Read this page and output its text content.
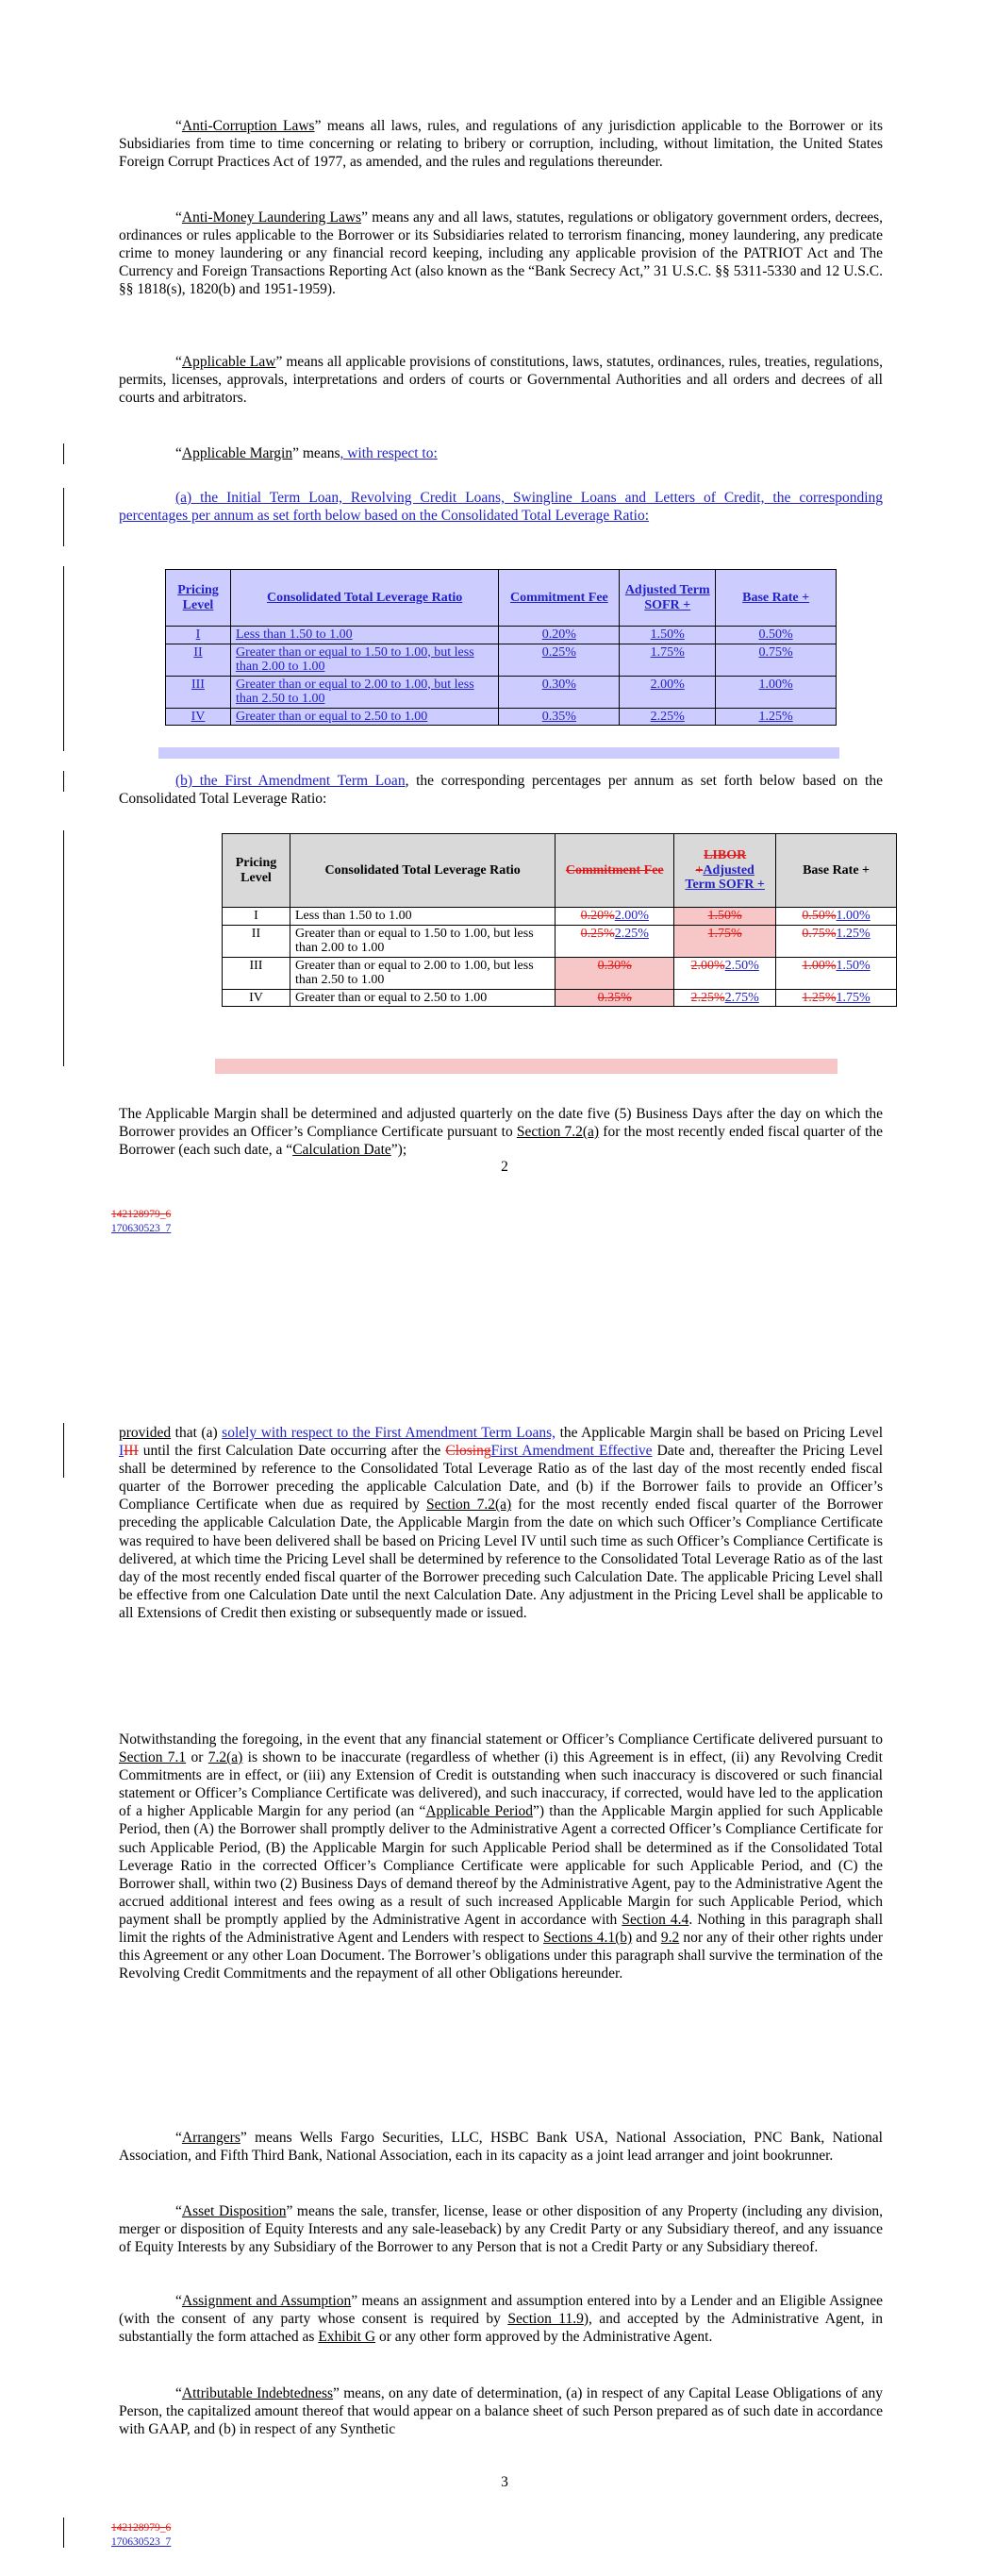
“Anti-Corruption Laws” means all laws, rules, and regulations of any jurisdiction applicable to the Borrower or its Subsidiaries from time to time concerning or relating to bribery or corruption, including, without limitation, the United States Foreign Corrupt Practices Act of 1977, as amended, and the rules and regulations thereunder.

“Anti-Money Laundering Laws” means any and all laws, statutes, regulations or obligatory government orders, decrees, ordinances or rules applicable to the Borrower or its Subsidiaries related to terrorism financing, money laundering, any predicate crime to money laundering or any financial record keeping, including any applicable provision of the PATRIOT Act and The Currency and Foreign Transactions Reporting Act (also known as the “Bank Secrecy Act,” 31 U.S.C. §§ 5311-5330 and 12 U.S.C. §§ 1818(s), 1820(b) and 1951-1959).

“Applicable Law” means all applicable provisions of constitutions, laws, statutes, ordinances, rules, treaties, regulations, permits, licenses, approvals, interpretations and orders of courts or Governmental Authorities and all orders and decrees of all courts and arbitrators.

“Applicable Margin” means, with respect to:

(a) the Initial Term Loan, Revolving Credit Loans, Swingline Loans and Letters of Credit, the corresponding percentages per annum as set forth below based on the Consolidated Total Leverage Ratio:

Pricing Level	Consolidated Total Leverage Ratio	Commitment Fee	Adjusted Term SOFR +	Base Rate +
I	Less than 1.50 to 1.00	0.20%	1.50%	0.50%
II	Greater than or equal to 1.50 to 1.00, but less than 2.00 to 1.00	0.25%	1.75%	0.75%
III	Greater than or equal to 2.00 to 1.00, but less than 2.50 to 1.00	0.30%	2.00%	1.00%
IV	Greater than or equal to 2.50 to 1.00	0.35%	2.25%	1.25%

(b) the First Amendment Term Loan, the corresponding percentages per annum as set forth below based on the Consolidated Total Leverage Ratio:

Pricing Level	Consolidated Total Leverage Ratio	Commitment Fee	LIBOR +Adjusted Term SOFR +	Base Rate +
I	Less than 1.50 to 1.00	0.20%2.00%	1.50%	0.50%1.00%
II	Greater than or equal to 1.50 to 1.00, but less than 2.00 to 1.00	0.25%2.25%	1.75%	0.75%1.25%
III	Greater than or equal to 2.00 to 1.00, but less than 2.50 to 1.00	0.30%	2.00%2.50%	1.00%1.50%
IV	Greater than or equal to 2.50 to 1.00	0.35%	2.25%2.75%	1.25%1.75%

The Applicable Margin shall be determined and adjusted quarterly on the date five (5) Business Days after the day on which the Borrower provides an Officer’s Compliance Certificate pursuant to Section 7.2(a) for the most recently ended fiscal quarter of the Borrower (each such date, a “Calculation Date”);

2
142128979_6
170630523_7

provided that (a) solely with respect to the First Amendment Term Loans, the Applicable Margin shall be based on Pricing Level IIII until the first Calculation Date occurring after the ClosingFirst Amendment Effective Date and, thereafter the Pricing Level shall be determined by reference to the Consolidated Total Leverage Ratio as of the last day of the most recently ended fiscal quarter of the Borrower preceding the applicable Calculation Date, and (b) if the Borrower fails to provide an Officer’s Compliance Certificate when due as required by Section 7.2(a) for the most recently ended fiscal quarter of the Borrower preceding the applicable Calculation Date, the Applicable Margin from the date on which such Officer’s Compliance Certificate was required to have been delivered shall be based on Pricing Level IV until such time as such Officer’s Compliance Certificate is delivered, at which time the Pricing Level shall be determined by reference to the Consolidated Total Leverage Ratio as of the last day of the most recently ended fiscal quarter of the Borrower preceding such Calculation Date. The applicable Pricing Level shall be effective from one Calculation Date until the next Calculation Date. Any adjustment in the Pricing Level shall be applicable to all Extensions of Credit then existing or subsequently made or issued.

Notwithstanding the foregoing, in the event that any financial statement or Officer’s Compliance Certificate delivered pursuant to Section 7.1 or 7.2(a) is shown to be inaccurate (regardless of whether (i) this Agreement is in effect, (ii) any Revolving Credit Commitments are in effect, or (iii) any Extension of Credit is outstanding when such inaccuracy is discovered or such financial statement or Officer’s Compliance Certificate was delivered), and such inaccuracy, if corrected, would have led to the application of a higher Applicable Margin for any period (an “Applicable Period”) than the Applicable Margin applied for such Applicable Period, then (A) the Borrower shall promptly deliver to the Administrative Agent a corrected Officer’s Compliance Certificate for such Applicable Period, (B) the Applicable Margin for such Applicable Period shall be determined as if the Consolidated Total Leverage Ratio in the corrected Officer’s Compliance Certificate were applicable for such Applicable Period, and (C) the Borrower shall, within two (2) Business Days of demand thereof by the Administrative Agent, pay to the Administrative Agent the accrued additional interest and fees owing as a result of such increased Applicable Margin for such Applicable Period, which payment shall be promptly applied by the Administrative Agent in accordance with Section 4.4. Nothing in this paragraph shall limit the rights of the Administrative Agent and Lenders with respect to Sections 4.1(b) and 9.2 nor any of their other rights under this Agreement or any other Loan Document. The Borrower’s obligations under this paragraph shall survive the termination of the Revolving Credit Commitments and the repayment of all other Obligations hereunder.

“Arrangers” means Wells Fargo Securities, LLC, HSBC Bank USA, National Association, PNC Bank, National Association, and Fifth Third Bank, National Association, each in its capacity as a joint lead arranger and joint bookrunner.

“Asset Disposition” means the sale, transfer, license, lease or other disposition of any Property (including any division, merger or disposition of Equity Interests and any sale-leaseback) by any Credit Party or any Subsidiary thereof, and any issuance of Equity Interests by any Subsidiary of the Borrower to any Person that is not a Credit Party or any Subsidiary thereof.

“Assignment and Assumption” means an assignment and assumption entered into by a Lender and an Eligible Assignee (with the consent of any party whose consent is required by Section 11.9), and accepted by the Administrative Agent, in substantially the form attached as Exhibit G or any other form approved by the Administrative Agent.

“Attributable Indebtedness” means, on any date of determination, (a) in respect of any Capital Lease Obligations of any Person, the capitalized amount thereof that would appear on a balance sheet of such Person prepared as of such date in accordance with GAAP, and (b) in respect of any Synthetic

3
142128979_6
170630523_7
